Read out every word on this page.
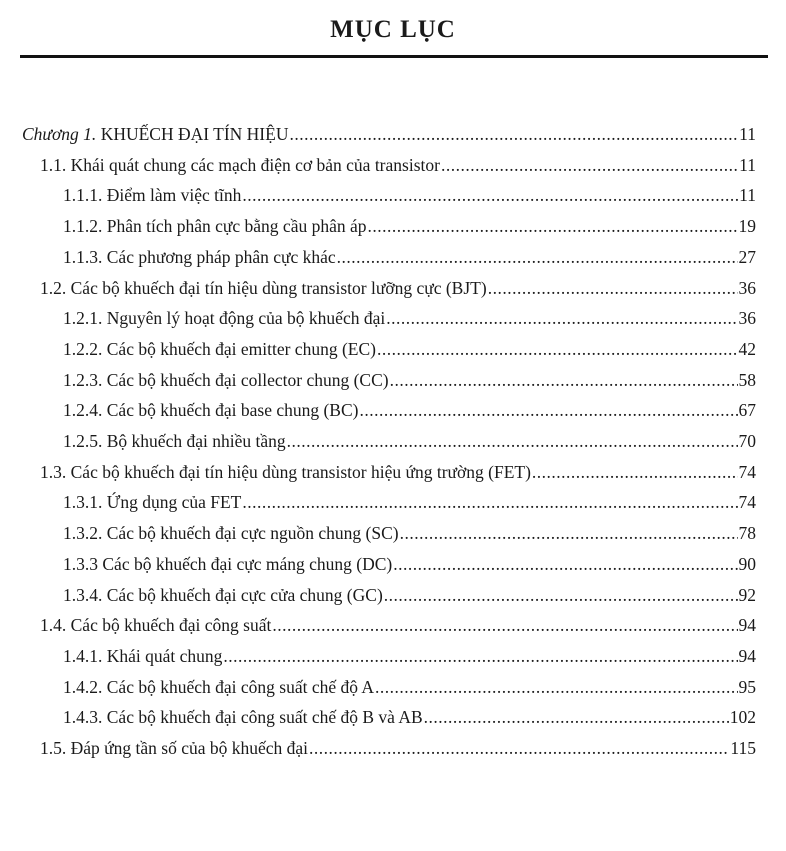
MỤC LỤC
Chương 1. KHUẾCH ĐẠI TÍN HIỆU .....	11
1.1. Khái quát chung các mạch điện cơ bản của transistor .....	11
1.1.1. Điểm làm việc tĩnh .....	11
1.1.2. Phân tích phân cực bằng cầu phân áp .....	19
1.1.3. Các phương pháp phân cực khác .....	27
1.2. Các bộ khuếch đại tín hiệu dùng transistor lưỡng cực (BJT) .....	36
1.2.1. Nguyên lý hoạt động của bộ khuếch đại .....	36
1.2.2. Các bộ khuếch đại emitter chung (EC) .....	42
1.2.3. Các bộ khuếch đại collector chung (CC) .....	58
1.2.4. Các bộ khuếch đại base chung (BC) .....	67
1.2.5. Bộ khuếch đại nhiều tầng .....	70
1.3. Các bộ khuếch đại tín hiệu dùng transistor hiệu ứng trường (FET) .....	74
1.3.1. Ứng dụng của FET .....	74
1.3.2. Các bộ khuếch đại cực nguồn chung (SC) .....	78
1.3.3 Các bộ khuếch đại cực máng chung (DC) .....	90
1.3.4. Các bộ khuếch đại cực cửa chung (GC) .....	92
1.4. Các bộ khuếch đại công suất .....	94
1.4.1. Khái quát chung .....	94
1.4.2. Các bộ khuếch đại công suất chế độ A .....	95
1.4.3. Các bộ khuếch đại công suất chế độ B và AB .....	102
1.5. Đáp ứng tần số của bộ khuếch đại .....	115
